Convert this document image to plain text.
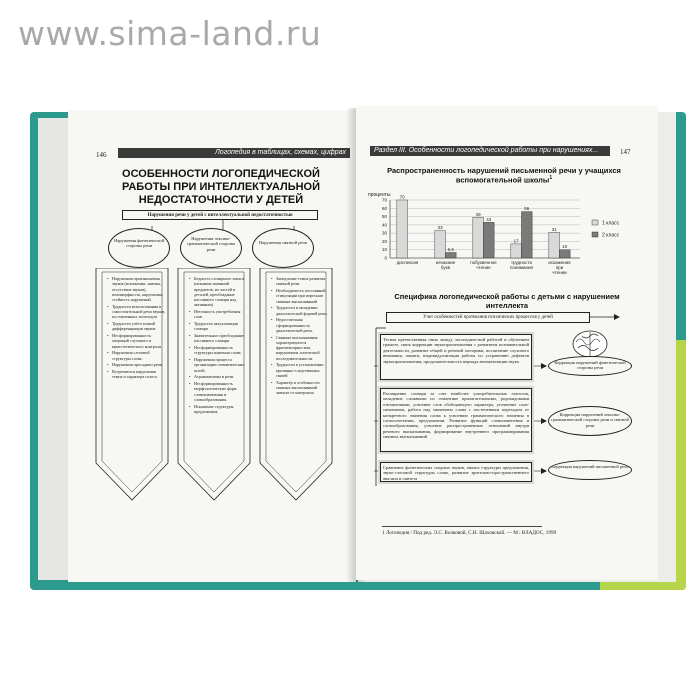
www.sima-land.ru
146	Логопедия в таблицах, схемах, цифрах
ОСОБЕННОСТИ ЛОГОПЕДИЧЕСКОЙ РАБОТЫ ПРИ ИНТЕЛЛЕКТУАЛЬНОЙ НЕДОСТАТОЧНОСТИ У ДЕТЕЙ
Нарушения речи у детей с интеллектуальной недостаточностью
Нарушения фонетической стороны речи
Нарушения лексико-грамматической стороны речи
Нарушения связной речи
• Нарушения произношения звуков (искажения, замены, отсутствие звуков), полиморфность, нарушения, стойкость нарушений.
• Трудности использования в самостоятельной речи звуков, поставленных логопедом
• Трудности учёта тонкой дифференциации звуков
• Несформированность операций слухового и кинестетического контроля
• Нарушения слоговой структуры слова.
• Нарушения просодики речи.
• Встречаются нарушения темпа и характера голоса
• Бедность словарного запаса (незнание названий предметов, их частей и деталей, преобладание пассивного словаря над активным)
• Неточность употребления слов
• Трудности актуализации словаря
• Значительное преобладание пассивного словаря
• Несформированность структуры значения слова.
• Нарушения процесса организации семантических полей.
• Аграмматизмы в речи.
• Несформированность морфологических форм словоизменения и словообразования.
• Искажение структуры предложения
• Замедление темпа развития связной речи.
• Необходимость постоянной стимуляции при пересказе связных высказываний
• Трудности в овладении диалогической формой речи.
• Недостаточная сформированность диалогической речи.
• Связные высказывания характеризуются фрагментарностью, нарушением логической последовательности.
• Трудности в установлении причинно-следственных связей
• Характер и особенности связных высказываний зависят от материала
Раздел III. Особенности логопедической работы при нарушениях...	147
Распространенность нарушений письменной речи у учащихся вспомогательной школы$^1$
проценты
0
10
20
30
40
50
60
70
70
дислексия
33
6,6
незнание
букв
49
43
побуквенное
чтение
17
56
трудности
понимания
31
10
искажения
при
чтении
1 класс
2 класс
Специфика логопедической работы с детьми с нарушением интеллекта
Учет особенностей протекания психических процессов у детей
Тесная преемственная связь между логопедической работой и обучением грамоте, связь коррекции звукопроизношения с развитием познавательной деятельности, развитие общей и речевой моторики, воспитание слухового внимания, памяти, индивидуализация работы по устранению дефектов звукопроизношения, продолжительность периода автоматизации звука
Расширение словаря за счет наиболее употребительных глаголов, овладение сложными по семантике прилагательными, родовидовыми отношениями, усвоение слов обобщающего характера, уточнение слов-синонимов, работа над значением слова с постепенным переходом от конкретного значения слова к усвоению грамматического значения в словосочетании, предложении. Развитие функций словоизменения и словообразования, усвоение распространенных отношений внутри речевого высказывания, формирование внутреннего программирования связных высказываний
Сравнение фонетических сходных звуков, анализ структуры предложения, звуко-слоговой структуры слова, развитие зрительно-пространственного анализа и синтеза
Коррекция нарушений фонетической стороны речи
Коррекция нарушений лексико-грамматической стороны речи и связной речи
Коррекция нарушений письменной речи
1 Логопедия / Под ред. Л.С. Волковой, С.Н. Шаховской. — М.: ВЛАДОС, 1999
